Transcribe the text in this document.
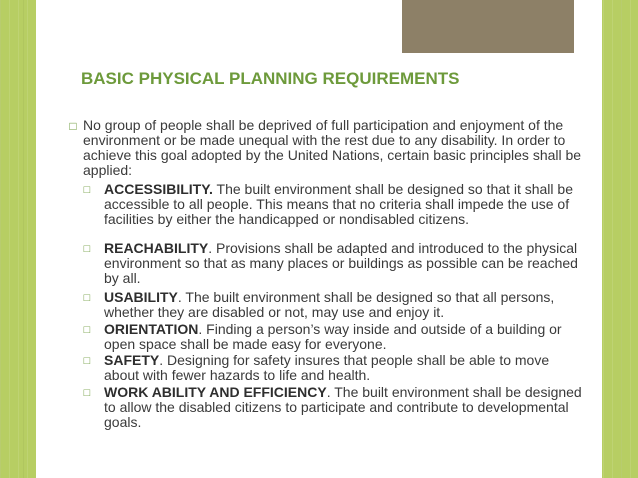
BASIC PHYSICAL PLANNING REQUIREMENTS
□ No group of people shall be deprived of full participation and enjoyment of the environment or be made unequal with the rest due to any disability. In order to achieve this goal adopted by the United Nations, certain basic principles shall be applied:
□ ACCESSIBILITY. The built environment shall be designed so that it shall be accessible to all people. This means that no criteria shall impede the use of facilities by either the handicapped or nondisabled citizens.
□ REACHABILITY. Provisions shall be adapted and introduced to the physical environment so that as many places or buildings as possible can be reached by all.
□ USABILITY. The built environment shall be designed so that all persons, whether they are disabled or not, may use and enjoy it.
□ ORIENTATION. Finding a person’s way inside and outside of a building or open space shall be made easy for everyone.
□ SAFETY. Designing for safety insures that people shall be able to move about with fewer hazards to life and health.
□ WORK ABILITY AND EFFICIENCY. The built environment shall be designed to allow the disabled citizens to participate and contribute to developmental goals.
